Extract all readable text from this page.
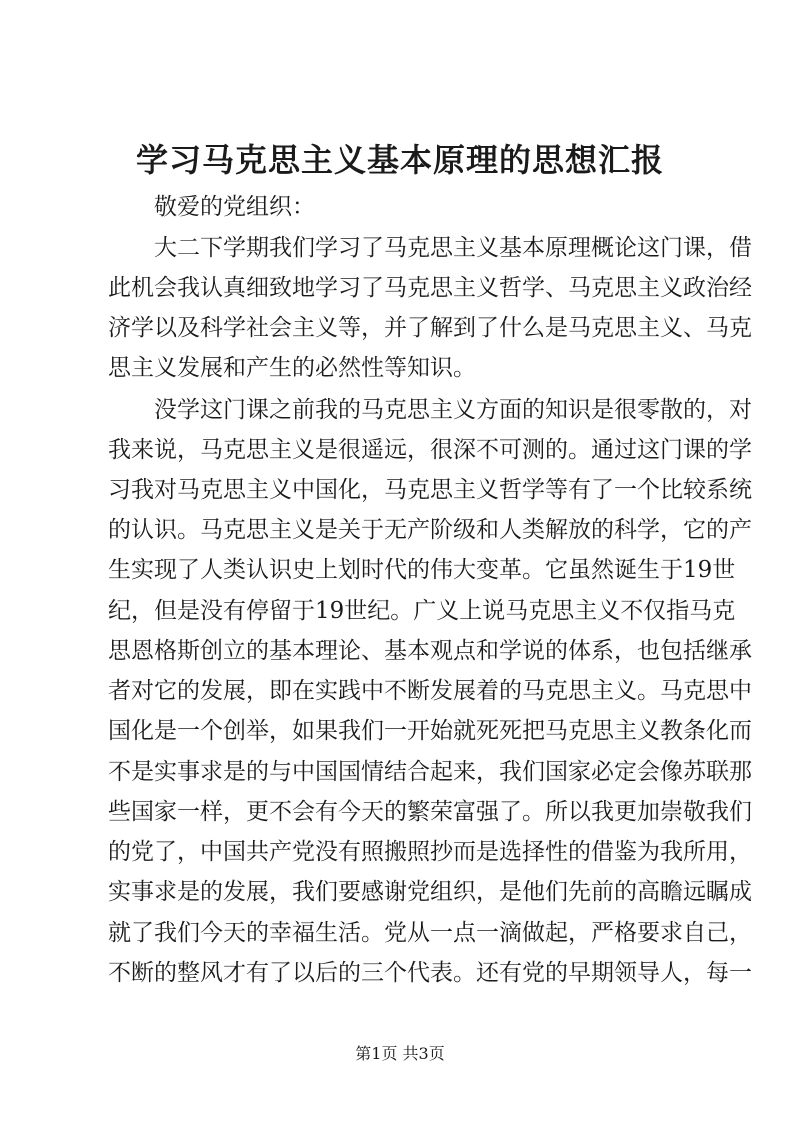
学习马克思主义基本原理的思想汇报
敬爱的党组织：
大二下学期我们学习了马克思主义基本原理概论这门课，借
此机会我认真细致地学习了马克思主义哲学、马克思主义政治经
济学以及科学社会主义等，并了解到了什么是马克思主义、马克
思主义发展和产生的必然性等知识。
没学这门课之前我的马克思主义方面的知识是很零散的，对
我来说，马克思主义是很遥远，很深不可测的。通过这门课的学
习我对马克思主义中国化，马克思主义哲学等有了一个比较系统
的认识。马克思主义是关于无产阶级和人类解放的科学，它的产
生实现了人类认识史上划时代的伟大变革。它虽然诞生于19世
纪，但是没有停留于19世纪。广义上说马克思主义不仅指马克
思恩格斯创立的基本理论、基本观点和学说的体系，也包括继承
者对它的发展，即在实践中不断发展着的马克思主义。马克思中
国化是一个创举，如果我们一开始就死死把马克思主义教条化而
不是实事求是的与中国国情结合起来，我们国家必定会像苏联那
些国家一样，更不会有今天的繁荣富强了。所以我更加崇敬我们
的党了，中国共产党没有照搬照抄而是选择性的借鉴为我所用，
实事求是的发展，我们要感谢党组织，是他们先前的高瞻远瞩成
就了我们今天的幸福生活。党从一点一滴做起，严格要求自己，
不断的整风才有了以后的三个代表。还有党的早期领导人，每一
第1页 共3页
